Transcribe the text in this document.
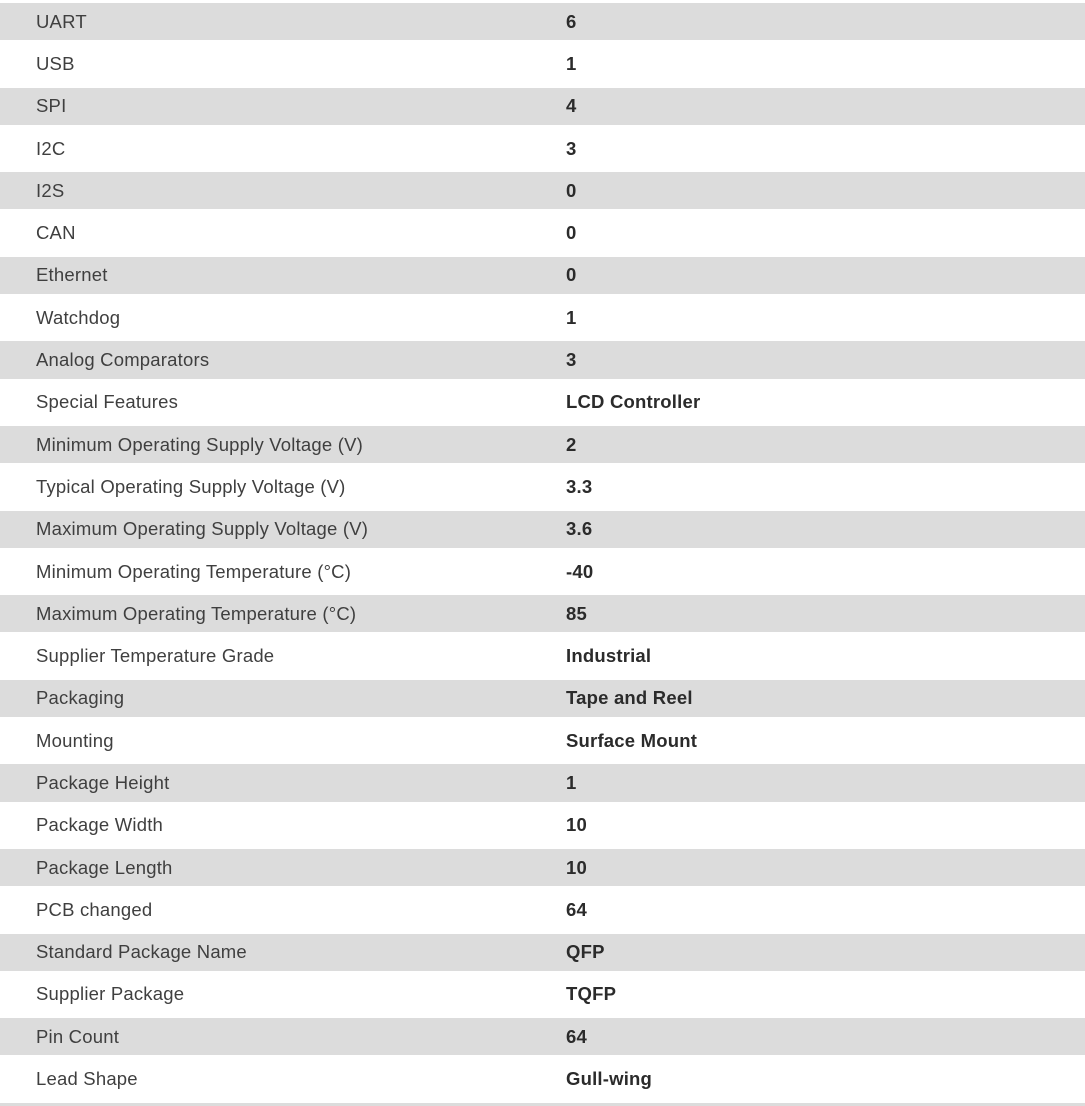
UART	6
USB	1
SPI	4
I2C	3
I2S	0
CAN	0
Ethernet	0
Watchdog	1
Analog Comparators	3
Special Features	LCD Controller
Minimum Operating Supply Voltage (V)	2
Typical Operating Supply Voltage (V)	3.3
Maximum Operating Supply Voltage (V)	3.6
Minimum Operating Temperature (°C)	-40
Maximum Operating Temperature (°C)	85
Supplier Temperature Grade	Industrial
Packaging	Tape and Reel
Mounting	Surface Mount
Package Height	1
Package Width	10
Package Length	10
PCB changed	64
Standard Package Name	QFP
Supplier Package	TQFP
Pin Count	64
Lead Shape	Gull-wing
